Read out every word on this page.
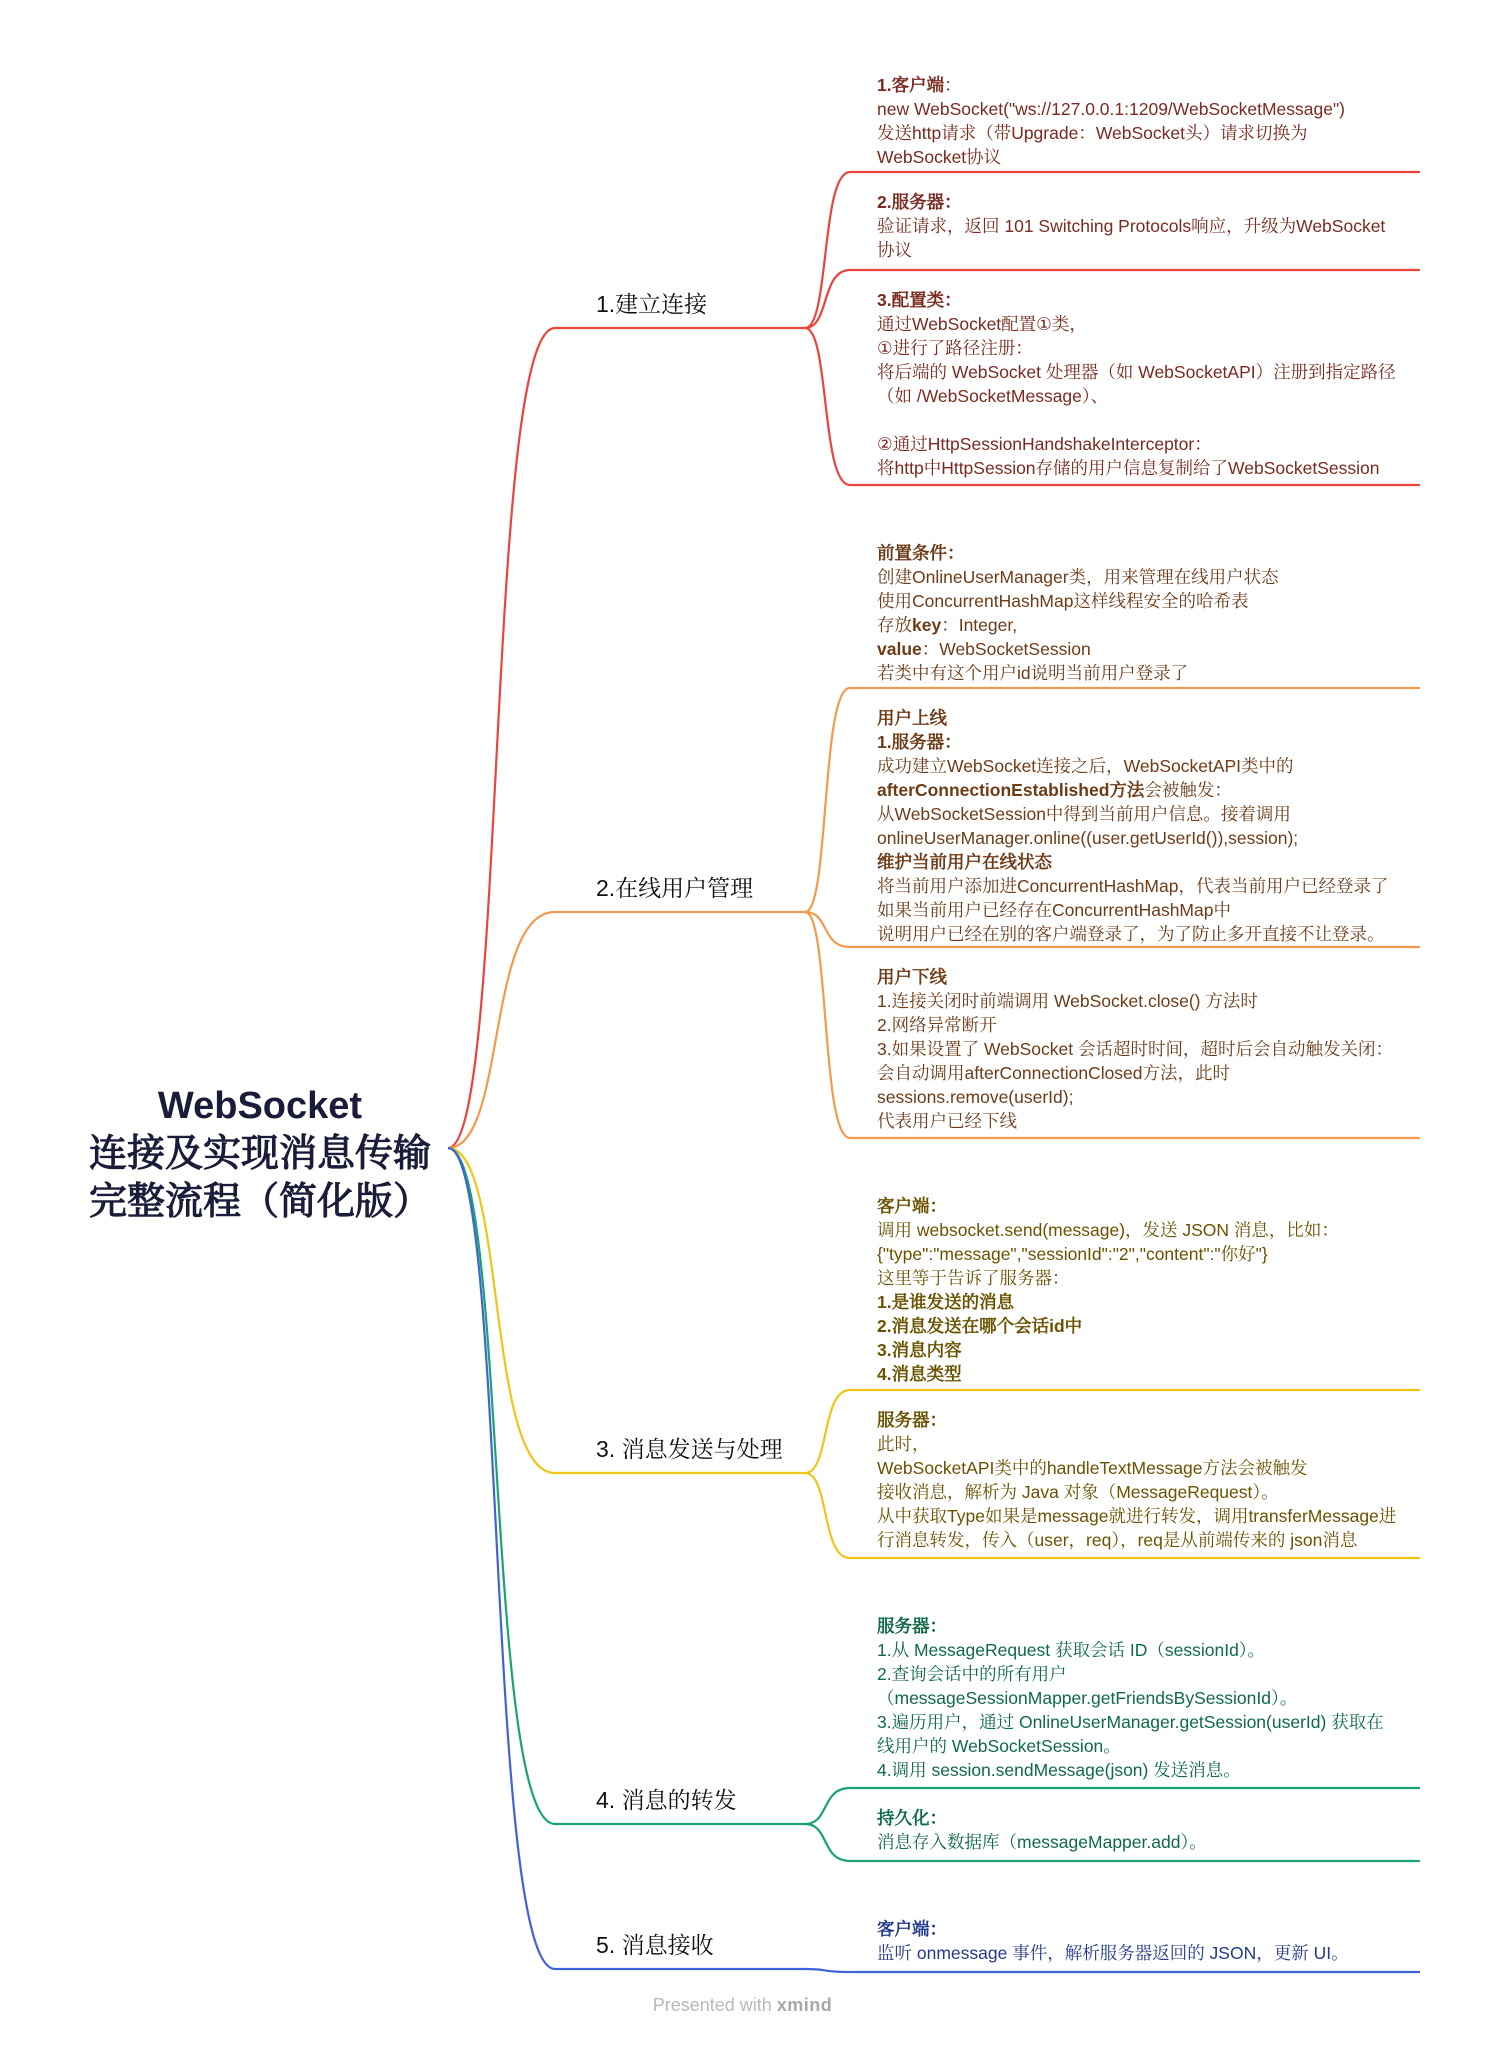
WebSocket
连接及实现消息传输
完整流程（简化版）
1.建立连接
2.在线用户管理
3. 消息发送与处理
4. 消息的转发
5. 消息接收
1.客户端：
new WebSocket("ws://127.0.0.1:1209/WebSocketMessage")
发送http请求（带Upgrade：WebSocket头）请求切换为
WebSocket协议
2.服务器：
验证请求，返回 101 Switching Protocols响应，升级为WebSocket
协议
3.配置类：
通过WebSocket配置①类，
①进行了路径注册：
将后端的 WebSocket 处理器（如 WebSocketAPI）注册到指定路径
（如 /WebSocketMessage）、
②通过HttpSessionHandshakeInterceptor：
将http中HttpSession存储的用户信息复制给了WebSocketSession
前置条件：
创建OnlineUserManager类，用来管理在线用户状态
使用ConcurrentHashMap这样线程安全的哈希表
存放key：Integer,
value：WebSocketSession
若类中有这个用户id说明当前用户登录了
用户上线
1.服务器：
成功建立WebSocket连接之后，WebSocketAPI类中的
afterConnectionEstablished方法会被触发：
从WebSocketSession中得到当前用户信息。接着调用
onlineUserManager.online((user.getUserId()),session);
维护当前用户在线状态
将当前用户添加进ConcurrentHashMap，代表当前用户已经登录了
如果当前用户已经存在ConcurrentHashMap中
说明用户已经在别的客户端登录了，为了防止多开直接不让登录。
用户下线
1.连接关闭时前端调用 WebSocket.close() 方法时
2.网络异常断开
3.如果设置了 WebSocket 会话超时时间，超时后会自动触发关闭：
会自动调用afterConnectionClosed方法，此时
sessions.remove(userId);
代表用户已经下线
客户端：
调用 websocket.send(message)，发送 JSON 消息，比如：
{"type":"message","sessionId":"2","content":"你好"}
这里等于告诉了服务器：
1.是谁发送的消息
2.消息发送在哪个会话id中
3.消息内容
4.消息类型
服务器：
此时，
WebSocketAPI类中的handleTextMessage方法会被触发
接收消息，解析为 Java 对象（MessageRequest）。
从中获取Type如果是message就进行转发，调用transferMessage进
行消息转发，传入（user，req），req是从前端传来的 json消息
服务器：
1.从 MessageRequest 获取会话 ID（sessionId）。
2.查询会话中的所有用户
（messageSessionMapper.getFriendsBySessionId）。
3.遍历用户，通过 OnlineUserManager.getSession(userId) 获取在
线用户的 WebSocketSession。
4.调用 session.sendMessage(json) 发送消息。
持久化：
消息存入数据库（messageMapper.add）。
客户端：
监听 onmessage 事件，解析服务器返回的 JSON，更新 UI。
Presented with xmind
